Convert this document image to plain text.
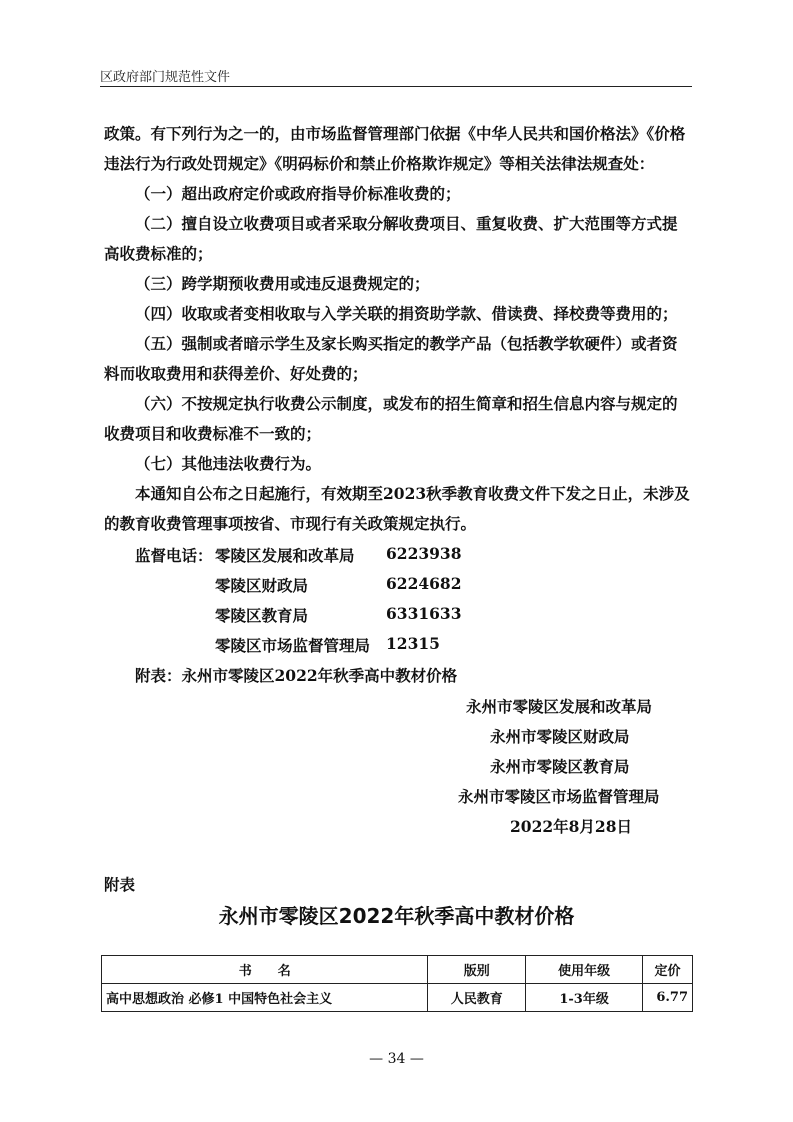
区政府部门规范性文件

政策。有下列行为之一的，由市场监督管理部门依据《中华人民共和国价格法》《价格违法行为行政处罚规定》《明码标价和禁止价格欺诈规定》等相关法律法规查处：

（一）超出政府定价或政府指导价标准收费的；

（二）擅自设立收费项目或者采取分解收费项目、重复收费、扩大范围等方式提高收费标准的；

（三）跨学期预收费用或违反退费规定的；

（四）收取或者变相收取与入学关联的捐资助学款、借读费、择校费等费用的；

（五）强制或者暗示学生及家长购买指定的教学产品（包括教学软硬件）或者资料而收取费用和获得差价、好处费的；

（六）不按规定执行收费公示制度，或发布的招生简章和招生信息内容与规定的收费项目和收费标准不一致的；

（七）其他违法收费行为。

本通知自公布之日起施行，有效期至2023秋季教育收费文件下发之日止，未涉及的教育收费管理事项按省、市现行有关政策规定执行。

监督电话： 零陵区发展和改革局 6223938
零陵区财政局	6224682
零陵区教育局	6331633
零陵区市场监督管理局 12315
附表：永州市零陵区2022年秋季高中教材价格
永州市零陵区发展和改革局
永州市零陵区财政局
永州市零陵区教育局
永州市零陵区市场监督管理局
2022年8月28日
附表
永州市零陵区2022年秋季高中教材价格
书　　名	版别	使用年级	定价
高中思想政治 必修1 中国特色社会主义	人民教育	1-3年级	6.77
— 34 —
